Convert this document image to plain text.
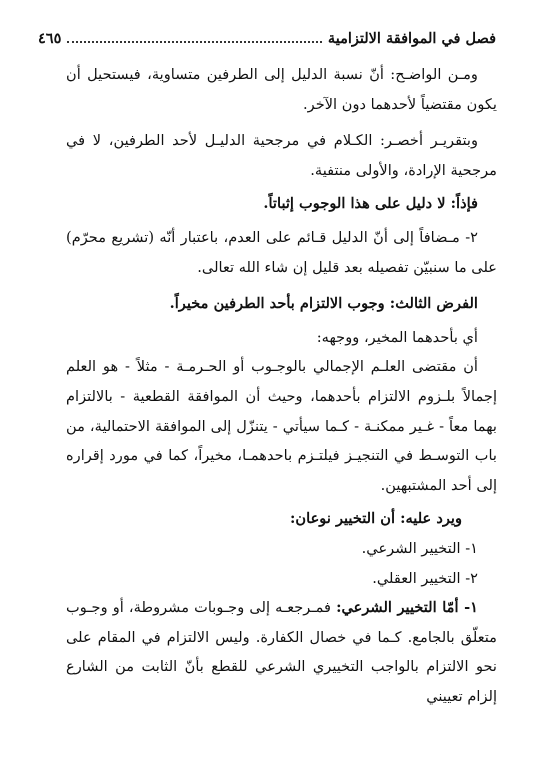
فصل في الموافقة الالتزامية
٤٦٥

ومـن الواضـح: أنّ نسبة الدليل إلى الطرفين متساوية، فيستحيل أن يكون مقتضياً لأحدهما دون الآخر.

وبتقريـر أخصـر: الكـلام في مرجحية الدليـل لأحد الطرفين، لا في مرجحية الإرادة، والأولى منتفية.

فإذاً: لا دليل على هذا الوجوب إثباتاً.

٢- مـضافاً إلى أنّ الدليل قـائم على العدم، باعتبار أنّه (تشريع محرّم) على ما سنبيّن تفصيله بعد قليل إن شاء الله تعالى.

الفرض الثالث: وجوب الالتزام بأحد الطرفين مخيراً.

أي بأحدهما المخير، ووجهه:

أن مقتضى العلـم الإجمالي بالوجـوب أو الحـرمـة - مثلاً - هو العلم إجمالاً بلـزوم الالتزام بأحدهما، وحيث أن الموافقة القطعية - بالالتزام بهما معاً - غـير ممكنـة - كـما سيأتي - يتنزّل إلى الموافقة الاحتمالية، من باب التوسـط في التنجيـز فيلتـزم باحدهمـا، مخيراً، كما في مورد إقراره إلى أحد المشتبهين.

ويرد عليه: أن التخيير نوعان:

١- التخيير الشرعي.

٢- التخيير العقلي.

١- أمّا التخيير الشرعي: فمـرجعـه إلى وجـوبات مشروطة، أو وجـوب متعلّق بالجامع. كـما في خصال الكفارة. وليس الالتزام في المقام على نحو الالتزام بالواجب التخييري الشرعي للقطع بأنّ الثابت من الشارع إلزام تعييني
